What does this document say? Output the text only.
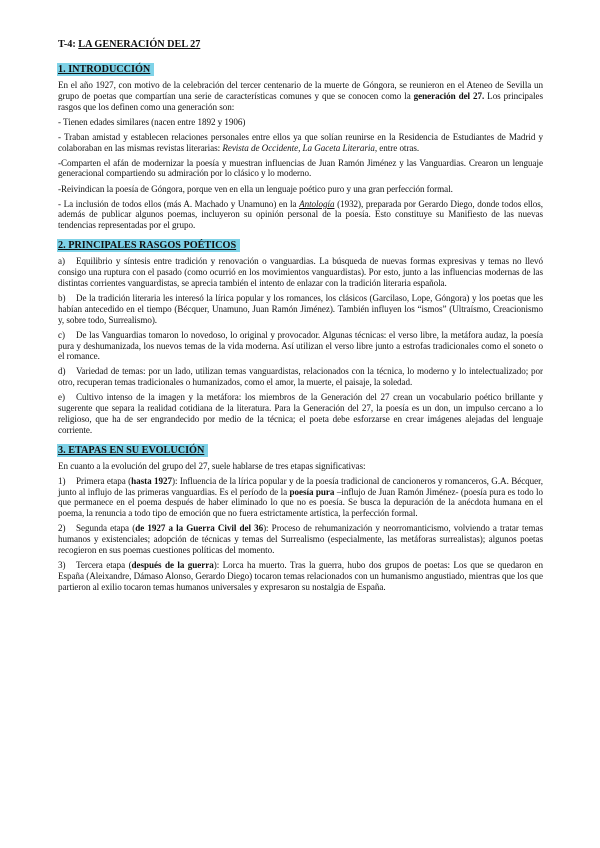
T-4: LA GENERACIÓN DEL 27
1. INTRODUCCIÓN

En el año 1927, con motivo de la celebración del tercer centenario de la muerte de Góngora, se reunieron en el Ateneo de Sevilla un grupo de poetas que compartían una serie de características comunes y que se conocen como la generación del 27. Los principales rasgos que los definen como una generación son:

- Tienen edades similares (nacen entre 1892 y 1906)

- Traban amistad y establecen relaciones personales entre ellos ya que solían reunirse en la Residencia de Estudiantes de Madrid y colaboraban en las mismas revistas literarias: Revista de Occidente, La Gaceta Literaria, entre otras.

-Comparten el afán de modernizar la poesía y muestran influencias de Juan Ramón Jiménez y las Vanguardias. Crearon un lenguaje generacional compartiendo su admiración por lo clásico y lo moderno.

-Reivindican la poesía de Góngora, porque ven en ella un lenguaje poético puro y una gran perfección formal.

- La inclusión de todos ellos (más A. Machado y Unamuno) en la Antología (1932), preparada por Gerardo Diego, donde todos ellos, además de publicar algunos poemas, incluyeron su opinión personal de la poesía. Esto constituye su Manifiesto de las nuevas tendencias representadas por el grupo.

2. PRINCIPALES RASGOS POÉTICOS

a) Equilibrio y síntesis entre tradición y renovación o vanguardias. La búsqueda de nuevas formas expresivas y temas no llevó consigo una ruptura con el pasado (como ocurrió en los movimientos vanguardistas). Por esto, junto a las influencias modernas de las distintas corrientes vanguardistas, se aprecia también el intento de enlazar con la tradición literaria española.

b) De la tradición literaria les interesó la lírica popular y los romances, los clásicos (Garcilaso, Lope, Góngora) y los poetas que les habían antecedido en el tiempo (Bécquer, Unamuno, Juan Ramón Jiménez). También influyen los “ismos” (Ultraísmo, Creacionismo y, sobre todo, Surrealismo).

c) De las Vanguardias tomaron lo novedoso, lo original y provocador. Algunas técnicas: el verso libre, la metáfora audaz, la poesía pura y deshumanizada, los nuevos temas de la vida moderna. Así utilizan el verso libre junto a estrofas tradicionales como el soneto o el romance.

d) Variedad de temas: por un lado, utilizan temas vanguardistas, relacionados con la técnica, lo moderno y lo intelectualizado; por otro, recuperan temas tradicionales o humanizados, como el amor, la muerte, el paisaje, la soledad.

e) Cultivo intenso de la imagen y la metáfora: los miembros de la Generación del 27 crean un vocabulario poético brillante y sugerente que separa la realidad cotidiana de la literatura. Para la Generación del 27, la poesía es un don, un impulso cercano a lo religioso, que ha de ser engrandecido por medio de la técnica; el poeta debe esforzarse en crear imágenes alejadas del lenguaje corriente.

3. ETAPAS EN SU EVOLUCIÓN

En cuanto a la evolución del grupo del 27, suele hablarse de tres etapas significativas:

1) Primera etapa (hasta 1927): Influencia de la lírica popular y de la poesía tradicional de cancioneros y romanceros, G.A. Bécquer, junto al influjo de las primeras vanguardias. Es el período de la poesía pura –influjo de Juan Ramón Jiménez- (poesía pura es todo lo que permanece en el poema después de haber eliminado lo que no es poesía. Se busca la depuración de la anécdota humana en el poema, la renuncia a todo tipo de emoción que no fuera estrictamente artística, la perfección formal.

2) Segunda etapa (de 1927 a la Guerra Civil del 36): Proceso de rehumanización y neorromanticismo, volviendo a tratar temas humanos y existenciales; adopción de técnicas y temas del Surrealismo (especialmente, las metáforas surrealistas); algunos poetas recogieron en sus poemas cuestiones políticas del momento.

3) Tercera etapa (después de la guerra): Lorca ha muerto. Tras la guerra, hubo dos grupos de poetas: Los que se quedaron en España (Aleixandre, Dámaso Alonso, Gerardo Diego) tocaron temas relacionados con un humanismo angustiado, mientras que los que partieron al exilio tocaron temas humanos universales y expresaron su nostalgia de España.
